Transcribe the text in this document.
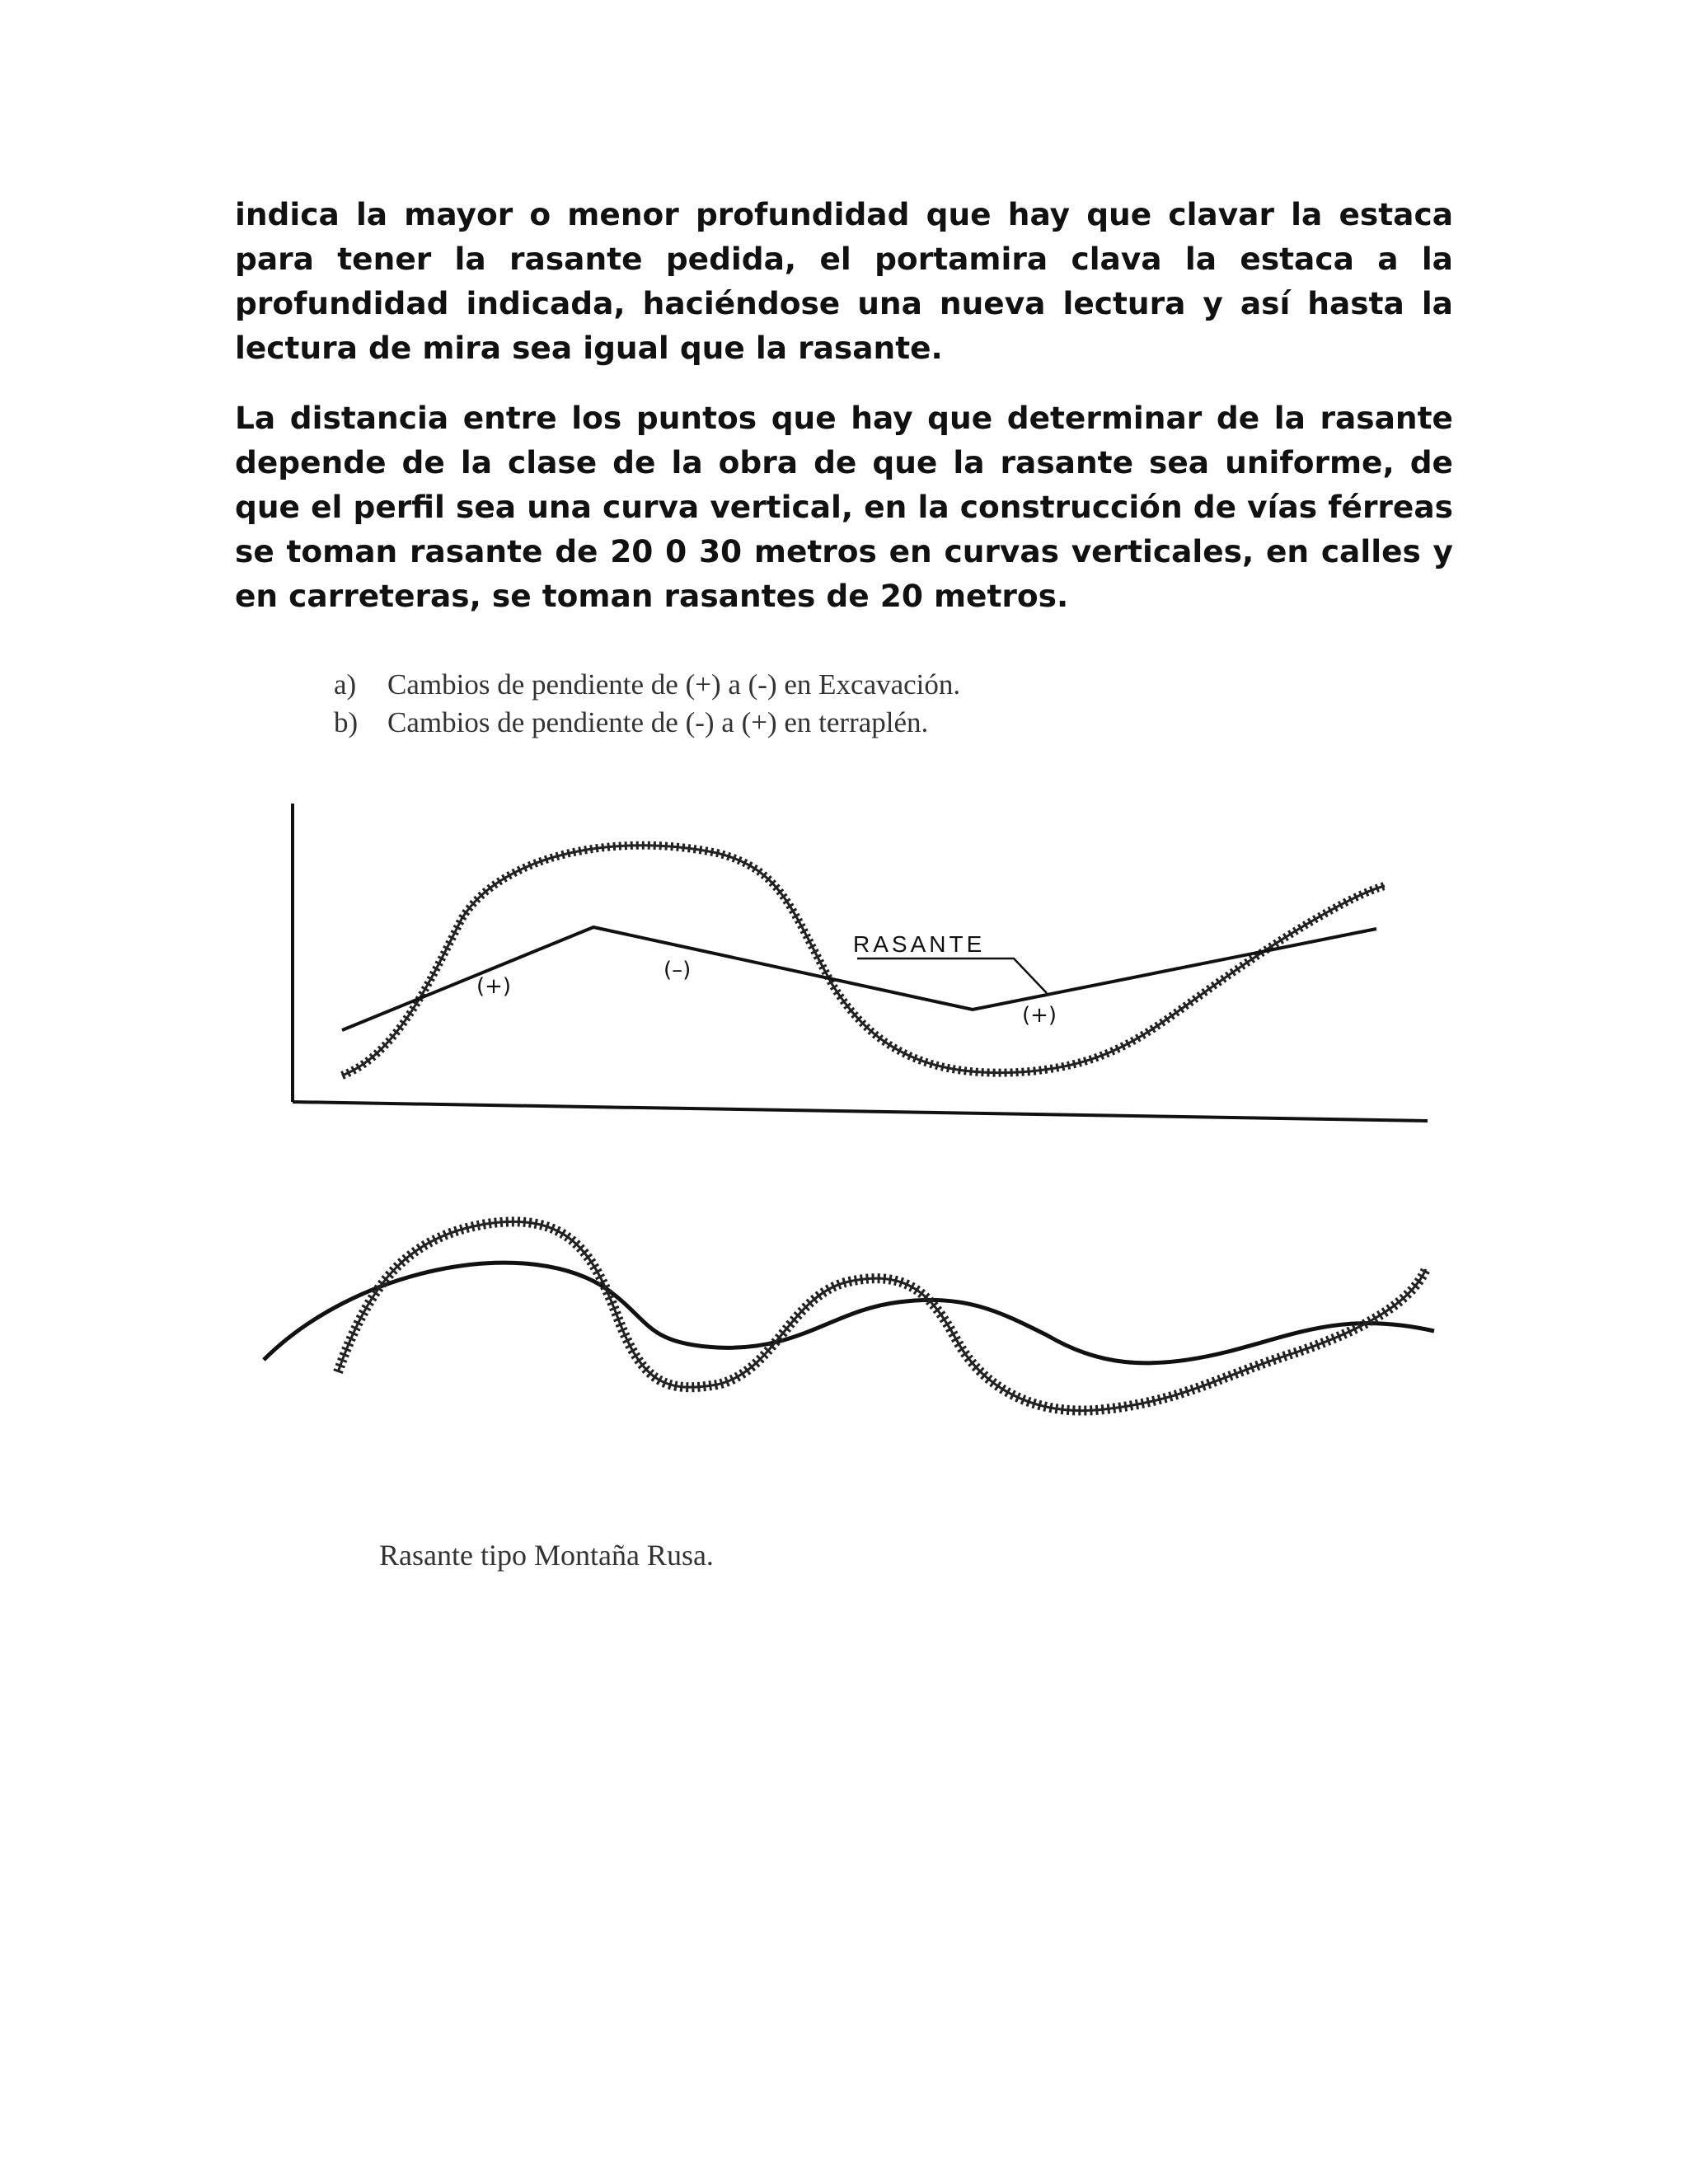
indica la mayor o menor profundidad que hay que clavar la estaca para tener la rasante pedida, el portamira clava la estaca a la profundidad indicada, haciéndose una nueva lectura y así hasta la lectura de mira sea igual que la rasante.

La distancia entre los puntos que hay que determinar de la rasante depende de la clase de la obra de que la rasante sea uniforme, de que el perfil sea una curva vertical, en la construcción de vías férreas se toman rasante de 20 0 30 metros en curvas verticales, en calles y en carreteras, se toman rasantes de 20 metros.

a)	Cambios de pendiente de (+) a (-) en Excavación.
b)	Cambios de pendiente de (-) a (+) en terraplén.
RASANTE
(+)
(–)
(+)
Rasante tipo Montaña Rusa.
